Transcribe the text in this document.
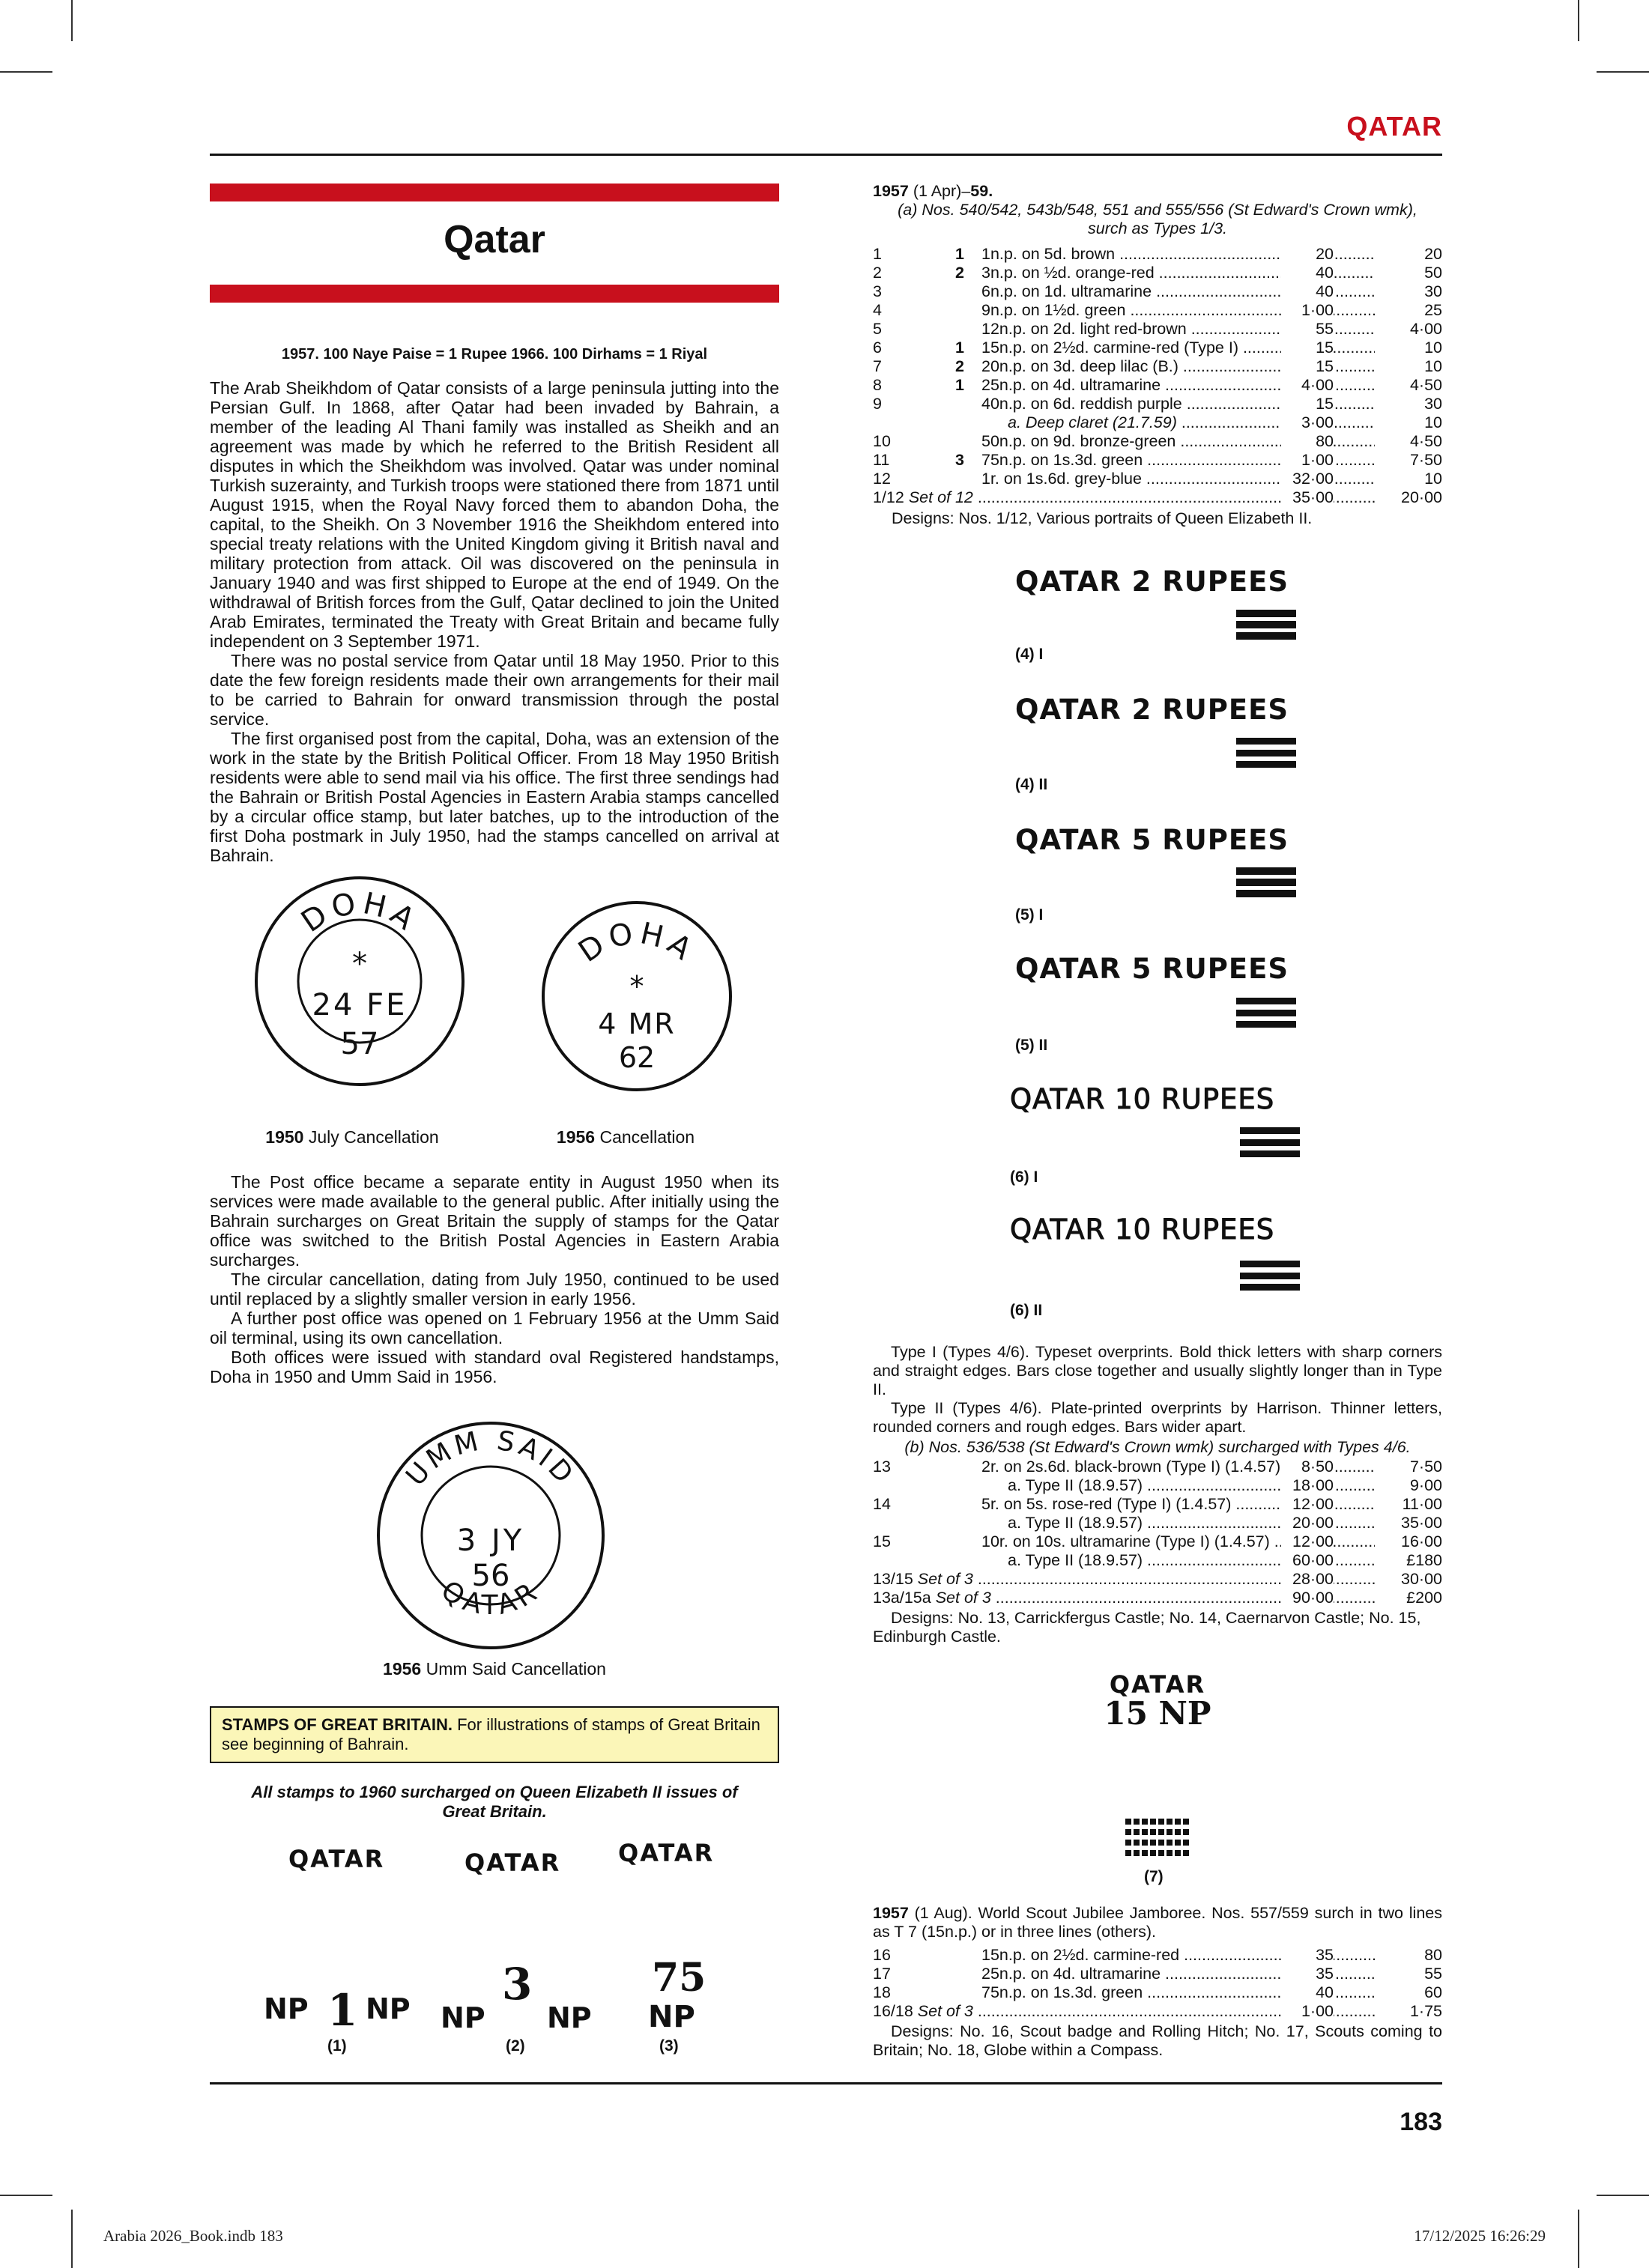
QATAR
Qatar
1957. 100 Naye Paise = 1 Rupee 1966. 100 Dirhams = 1 Riyal

The Arab Sheikhdom of Qatar consists of a large peninsula jutting into the Persian Gulf. In 1868, after Qatar had been invaded by Bahrain, a member of the leading Al Thani family was installed as Sheikh and an agreement was made by which he referred to the British Resident all disputes in which the Sheikhdom was involved. Qatar was under nominal Turkish suzerainty, and Turkish troops were stationed there from 1871 until August 1915, when the Royal Navy forced them to abandon Doha, the capital, to the Sheikh. On 3 November 1916 the Sheikhdom entered into special treaty relations with the United Kingdom giving it British naval and military protection from attack. Oil was discovered on the peninsula in January 1940 and was first shipped to Europe at the end of 1949. On the withdrawal of British forces from the Gulf, Qatar declined to join the United Arab Emirates, terminated the Treaty with Great Britain and became fully independent on 3 September 1971.

There was no postal service from Qatar until 18 May 1950. Prior to this date the few foreign residents made their own arrangements for their mail to be carried to Bahrain for onward transmission through the postal service.

The first organised post from the capital, Doha, was an extension of the work in the state by the British Political Officer. From 18 May 1950 British residents were able to send mail via his office. The first three sendings had the Bahrain or British Postal Agencies in Eastern Arabia stamps cancelled by a circular office stamp, but later batches, up to the introduction of the first Doha postmark in July 1950, had the stamps cancelled on arrival at Bahrain.

DOHA
*
24 FE
57
1950 July Cancellation
DOHA
*
4 MR
62
1956 Cancellation

The Post office became a separate entity in August 1950 when its services were made available to the general public. After initially using the Bahrain surcharges on Great Britain the supply of stamps for the Qatar office was switched to the British Postal Agencies in Eastern Arabia surcharges.

The circular cancellation, dating from July 1950, continued to be used until replaced by a slightly smaller version in early 1956.

A further post office was opened on 1 February 1956 at the Umm Said oil terminal, using its own cancellation.

Both offices were issued with standard oval Registered handstamps, Doha in 1950 and Umm Said in 1956.

UMM SAID
3 JY
56
QATAR
1956 Umm Said Cancellation
STAMPS OF GREAT BRITAIN. For illustrations of stamps of Great Britain see beginning of Bahrain.
All stamps to 1960 surcharged on Queen Elizabeth II issues of Great Britain.
QATAR	QATAR QATAR
NP 1 NP
(1)
NP
3
NP
(2)
75
NP
(3)
1957 (1 Apr)–59.
(a) Nos. 540/542, 543b/548, 551 and 555/556 (St Edward's Crown wmk), surch as Types 1/3.
1	1 1n.p. on 5d. brown .....	20	20
2	2 3n.p. on ½d. orange-red .....	40	50
3	6n.p. on 1d. ultramarine .....	40	30
4	9n.p. on 1½d. green .....	1·00	25
5	12n.p. on 2d. light red-brown .....	55	4·00
6	1 15n.p. on 2½d. carmine-red (Type I) .....	15	10
7	2 20n.p. on 3d. deep lilac (B.) .....	15	10
8	1 25n.p. on 4d. ultramarine .....	4·00	4·50
9	40n.p. on 6d. reddish purple .....	15	30
a. Deep claret (21.7.59) .....	3·00	10
10	50n.p. on 9d. bronze-green .....	80	4·50
11	3 75n.p. on 1s.3d. green .....	1·00	7·50
12	1r. on 1s.6d. grey-blue .....	32·00	10
1/12 Set of 12 .....	35·00	20·00
Designs: Nos. 1/12, Various portraits of Queen Elizabeth II.
QATAR 2 RUPEES
(4) I
QATAR 2 RUPEES
(4) II
QATAR 5 RUPEES
(5) I
QATAR 5 RUPEES
(5) II
QATAR 10 RUPEES
(6) I
QATAR 10 RUPEES
(6) II
Type I (Types 4/6). Typeset overprints. Bold thick letters with sharp corners and straight edges. Bars close together and usually slightly longer than in Type II.
Type II (Types 4/6). Plate-printed overprints by Harrison. Thinner letters, rounded corners and rough edges. Bars wider apart.
(b) Nos. 536/538 (St Edward's Crown wmk) surcharged with Types 4/6.
13	2r. on 2s.6d. black-brown (Type I) (1.4.57) .....	8·50	7·50
a. Type II (18.9.57) .....	18·00	9·00
14	5r. on 5s. rose-red (Type I) (1.4.57) .....	12·00	11·00
a. Type II (18.9.57) .....	20·00	35·00
15	10r. on 10s. ultramarine (Type I) (1.4.57) .....	12·00	16·00
a. Type II (18.9.57) .....	60·00	£180
13/15 Set of 3 .....	28·00	30·00
13a/15a Set of 3 .....	90·00	£200
Designs: No. 13, Carrickfergus Castle; No. 14, Caernarvon Castle; No. 15, Edinburgh Castle.
QATAR
15 NP
(7)
1957 (1 Aug). World Scout Jubilee Jamboree. Nos. 557/559 surch in two lines as T 7 (15n.p.) or in three lines (others).
16	15n.p. on 2½d. carmine-red .....	35	80
17	25n.p. on 4d. ultramarine .....	35	55
18	75n.p. on 1s.3d. green .....	40	60
16/18 Set of 3 .....	1·00	1·75
Designs: No. 16, Scout badge and Rolling Hitch; No. 17, Scouts coming to Britain; No. 18, Globe within a Compass.
183
Arabia 2026_Book.indb 183	17/12/2025 16:26:29
